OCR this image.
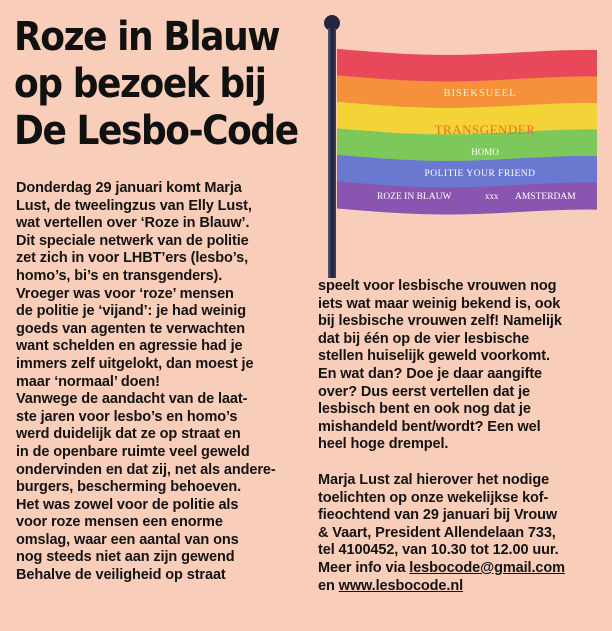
Roze in Blauw
op bezoek bij
De Lesbo-Code
BISEKSUEEL
TRANSGENDER
HOMO
POLITIE YOUR FRIEND
ROZE IN BLAUW	xxx AMSTERDAM
Donderdag 29 januari komt Marja
Lust, de tweelingzus van Elly Lust,
wat vertellen over ‘Roze in Blauw’.
Dit speciale netwerk van de politie
zet zich in voor LHBT’ers (lesbo’s,
homo’s, bi’s en transgenders).
Vroeger was voor ‘roze’ mensen
de politie je ‘vijand’: je had weinig
goeds van agenten te verwachten
want schelden en agressie had je
immers zelf uitgelokt, dan moest je
maar ‘normaal’ doen!
Vanwege de aandacht van de laat-
ste jaren voor lesbo’s en homo’s
werd duidelijk dat ze op straat en
in de openbare ruimte veel geweld
ondervinden en dat zij, net als andere-
burgers, bescherming behoeven.
Het was zowel voor de politie als
voor roze mensen een enorme
omslag, waar een aantal van ons
nog steeds niet aan zijn gewend
Behalve de veiligheid op straat

speelt voor lesbische vrouwen nog
iets wat maar weinig bekend is, ook
bij lesbische vrouwen zelf! Namelijk
dat bij één op de vier lesbische
stellen huiselijk geweld voorkomt.
En wat dan? Doe je daar aangifte
over? Dus eerst vertellen dat je
lesbisch bent en ook nog dat je
mishandeld bent/wordt? Een wel
heel hoge drempel.

Marja Lust zal hierover het nodige
toelichten op onze wekelijkse kof-
fieochtend van 29 januari bij Vrouw
& Vaart, President Allendelaan 733,
tel 4100452, van 10.30 tot 12.00 uur.

Meer info via lesbocode@gmail.com
en www.lesbocode.nl
